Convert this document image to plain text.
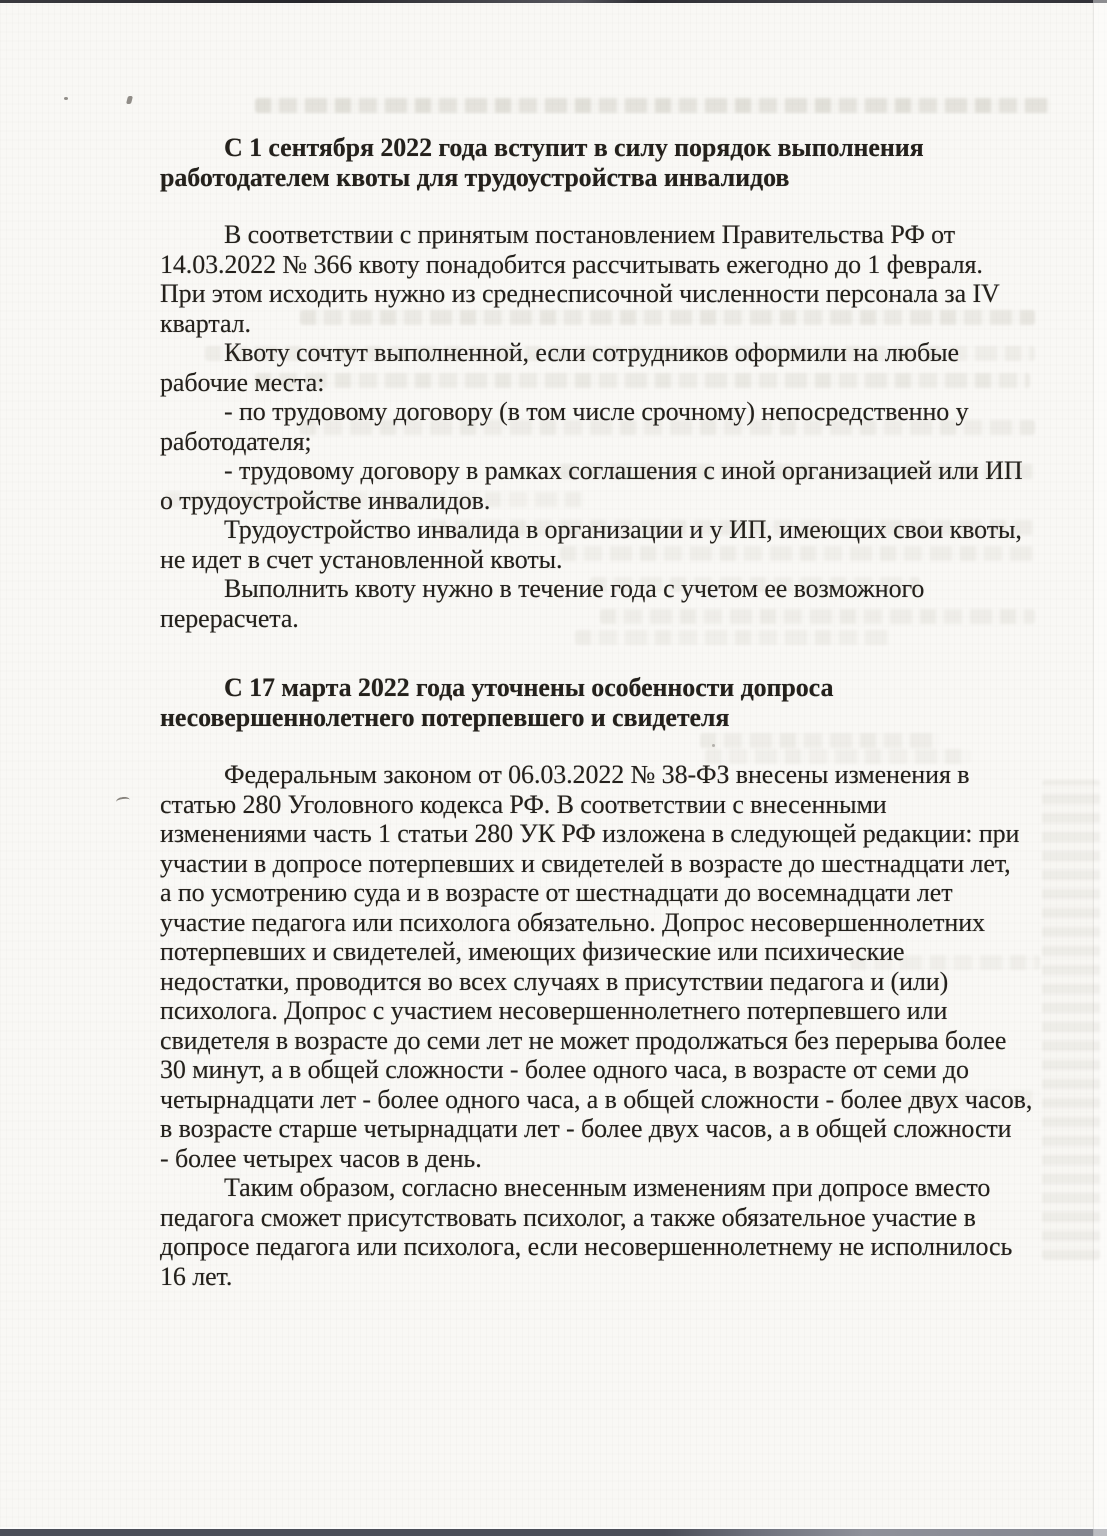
С 1 сентября 2022 года вступит в силу порядок выполнения
работодателем квоты для трудоустройства инвалидов
В соответствии с принятым постановлением Правительства РФ от
14.03.2022 № 366 квоту понадобится рассчитывать ежегодно до 1 февраля.
При этом исходить нужно из среднесписочной численности персонала за IV
квартал.
Квоту сочтут выполненной, если сотрудников оформили на любые
рабочие места:
- по трудовому договору (в том числе срочному) непосредственно у
работодателя;
- трудовому договору в рамках соглашения с иной организацией или ИП
о трудоустройстве инвалидов.
Трудоустройство инвалида в организации и у ИП, имеющих свои квоты,
не идет в счет установленной квоты.
Выполнить квоту нужно в течение года с учетом ее возможного
перерасчета.
С 17 марта 2022 года уточнены особенности допроса
несовершеннолетнего потерпевшего и свидетеля
Федеральным законом от 06.03.2022 № 38-ФЗ внесены изменения в
статью 280 Уголовного кодекса РФ. В соответствии с внесенными
изменениями часть 1 статьи 280 УК РФ изложена в следующей редакции: при
участии в допросе потерпевших и свидетелей в возрасте до шестнадцати лет,
а по усмотрению суда и в возрасте от шестнадцати до восемнадцати лет
участие педагога или психолога обязательно. Допрос несовершеннолетних
потерпевших и свидетелей, имеющих физические или психические
недостатки, проводится во всех случаях в присутствии педагога и (или)
психолога. Допрос с участием несовершеннолетнего потерпевшего или
свидетеля в возрасте до семи лет не может продолжаться без перерыва более
30 минут, а в общей сложности - более одного часа, в возрасте от семи до
четырнадцати лет - более одного часа, а в общей сложности - более двух часов,
в возрасте старше четырнадцати лет - более двух часов, а в общей сложности
- более четырех часов в день.
Таким образом, согласно внесенным изменениям при допросе вместо
педагога сможет присутствовать психолог, а также обязательное участие в
допросе педагога или психолога, если несовершеннолетнему не исполнилось
16 лет.
